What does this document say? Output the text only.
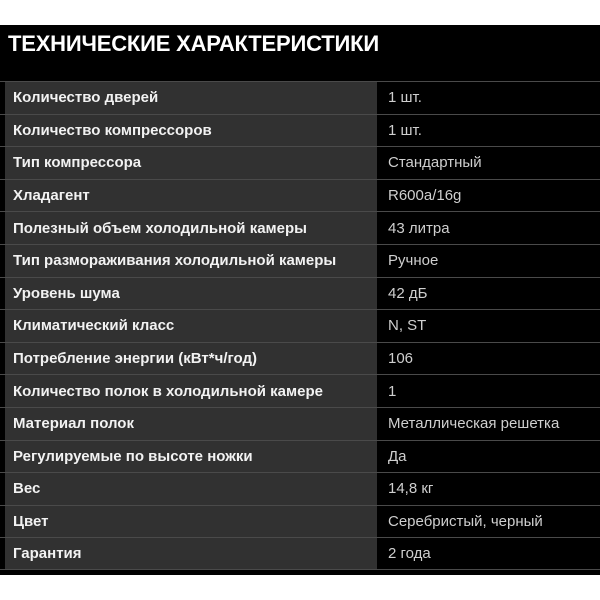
ТЕХНИЧЕСКИЕ ХАРАКТЕРИСТИКИ
Количество дверей	1 шт.
Количество компрессоров	1 шт.
Тип компрессора	Стандартный
Хладагент	R600a/16g
Полезный объем холодильной камеры	43 литра
Тип размораживания холодильной камеры	Ручное
Уровень шума	42 дБ
Климатический класс	N, ST
Потребление энергии (кВт*ч/год)	106
Количество полок в холодильной камере	1
Материал полок	Металлическая решетка
Регулируемые по высоте ножки	Да
Вес	14,8 кг
Цвет	Серебристый, черный
Гарантия	2 года
